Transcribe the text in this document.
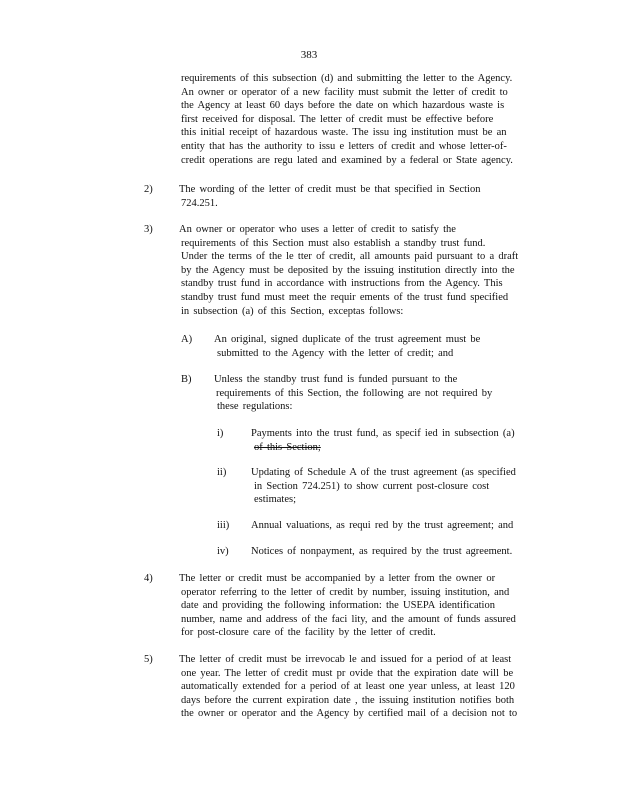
383
requirements of this subsection (d) and submitting the letter to the Agency.
An owner or operator of a new facility must submit the letter of credit to
the Agency at least 60 days before the date on which hazardous waste is
first received for disposal. The letter of credit must be effective before
this initial receipt of hazardous waste. The issu ing institution must be an
entity that has the authority to issu e letters of credit and whose letter-of-
credit operations are regu lated and examined by a federal or State agency.
2)	The wording of the letter of credit must be that specified in Section
724.251.
3)	An owner or operator who uses a letter of credit to satisfy the
requirements of this Section must also establish a standby trust fund.
Under the terms of the le tter of credit, all amounts paid pursuant to a draft
by the Agency must be deposited by the issuing institution directly into the
standby trust fund in accordance with instructions from the Agency. This
standby trust fund must meet the requir ements of the trust fund specified
in subsection (a) of this Section, exceptas follows:
A) An original, signed duplicate of the trust agreement must be
submitted to the Agency with the letter of credit; and
B) Unless the standby trust fund is funded pursuant to the
requirements of this Section, the following are not required by
these regulations:
i)	Payments into the trust fund, as specif ied in subsection (a)
of this Section;
ii) Updating of Schedule A of the trust agreement (as specified
in Section 724.251) to show current post-closure cost
estimates;
iii) Annual valuations, as requi red by the trust agreement; and
iv) Notices of nonpayment, as required by the trust agreement.
4)	The letter or credit must be accompanied by a letter from the owner or
operator referring to the letter of credit by number, issuing institution, and
date and providing the following information: the USEPA identification
number, name and address of the faci lity, and the amount of funds assured
for post-closure care of the facility by the letter of credit.
5)	The letter of credit must be irrevocab le and issued for a period of at least
one year. The letter of credit must pr ovide that the expiration date will be
automatically extended for a period of at least one year unless, at least 120
days before the current expiration date , the issuing institution notifies both
the owner or operator and the Agency by certified mail of a decision not to
